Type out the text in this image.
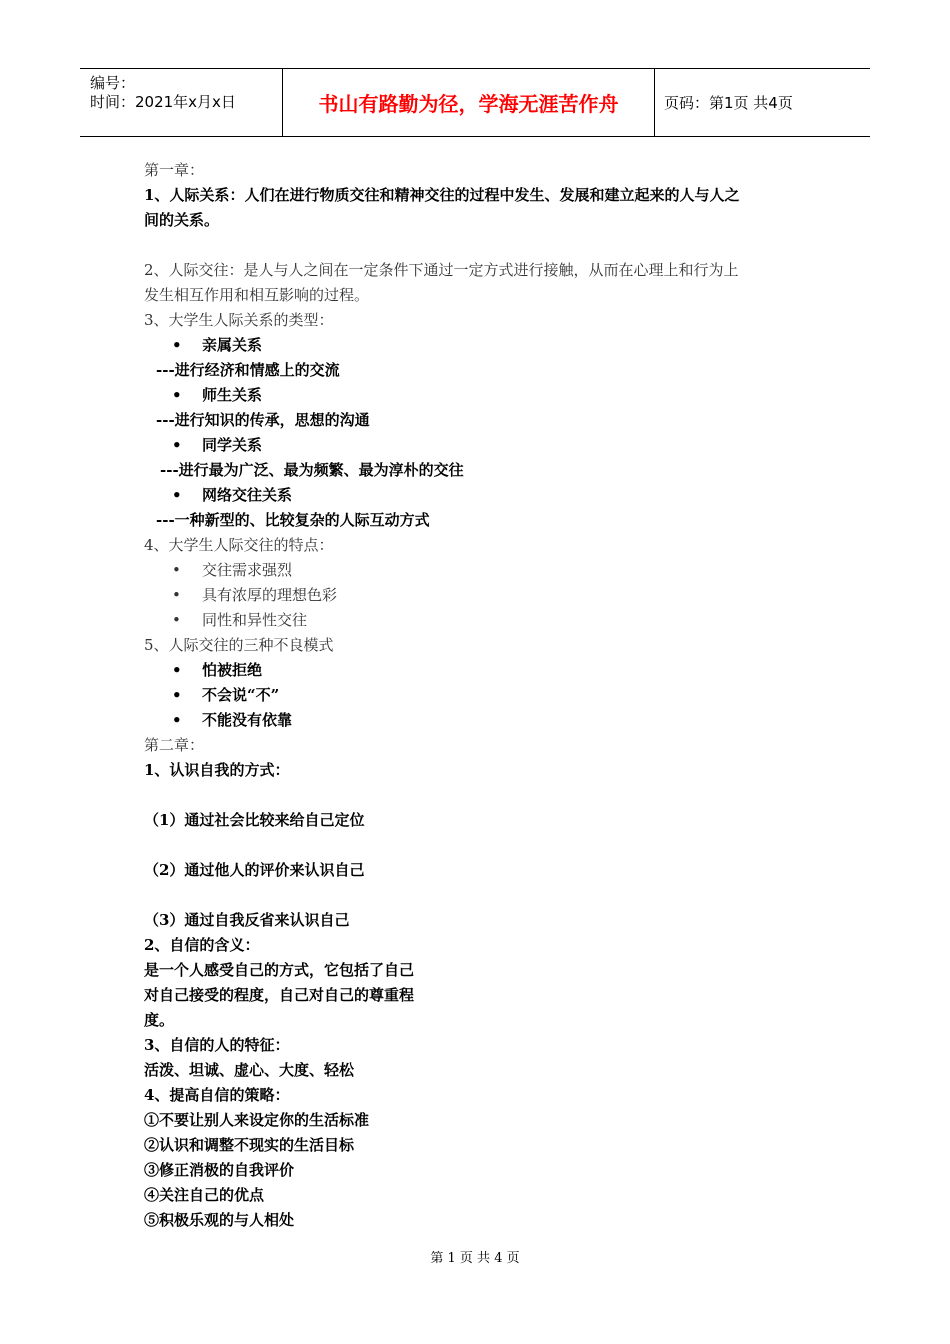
编号：
时间：2021年x月x日	书山有路勤为径，学海无涯苦作舟	页码：第1页 共4页
第一章：
1、人际关系：人们在进行物质交往和精神交往的过程中发生、发展和建立起来的人与人之
间的关系。
2、人际交往：是人与人之间在一定条件下通过一定方式进行接触，从而在心理上和行为上
发生相互作用和相互影响的过程。
3、大学生人际关系的类型：
• 亲属关系
---进行经济和情感上的交流
• 师生关系
---进行知识的传承，思想的沟通
• 同学关系
---进行最为广泛、最为频繁、最为淳朴的交往
• 网络交往关系
---一种新型的、比较复杂的人际互动方式
4、大学生人际交往的特点：
• 交往需求强烈
• 具有浓厚的理想色彩
• 同性和异性交往
5、人际交往的三种不良模式
• 怕被拒绝
• 不会说“不”
• 不能没有依靠
第二章：
1、认识自我的方式：
（1）通过社会比较来给自己定位
（2）通过他人的评价来认识自己
（3）通过自我反省来认识自己
2、自信的含义：
是一个人感受自己的方式，它包括了自己
对自己接受的程度，自己对自己的尊重程
度。
3、自信的人的特征：
活泼、坦诚、虚心、大度、轻松
4、提高自信的策略：
①不要让别人来设定你的生活标准
②认识和调整不现实的生活目标
③修正消极的自我评价
④关注自己的优点
⑤积极乐观的与人相处
第 1 页 共 4 页
